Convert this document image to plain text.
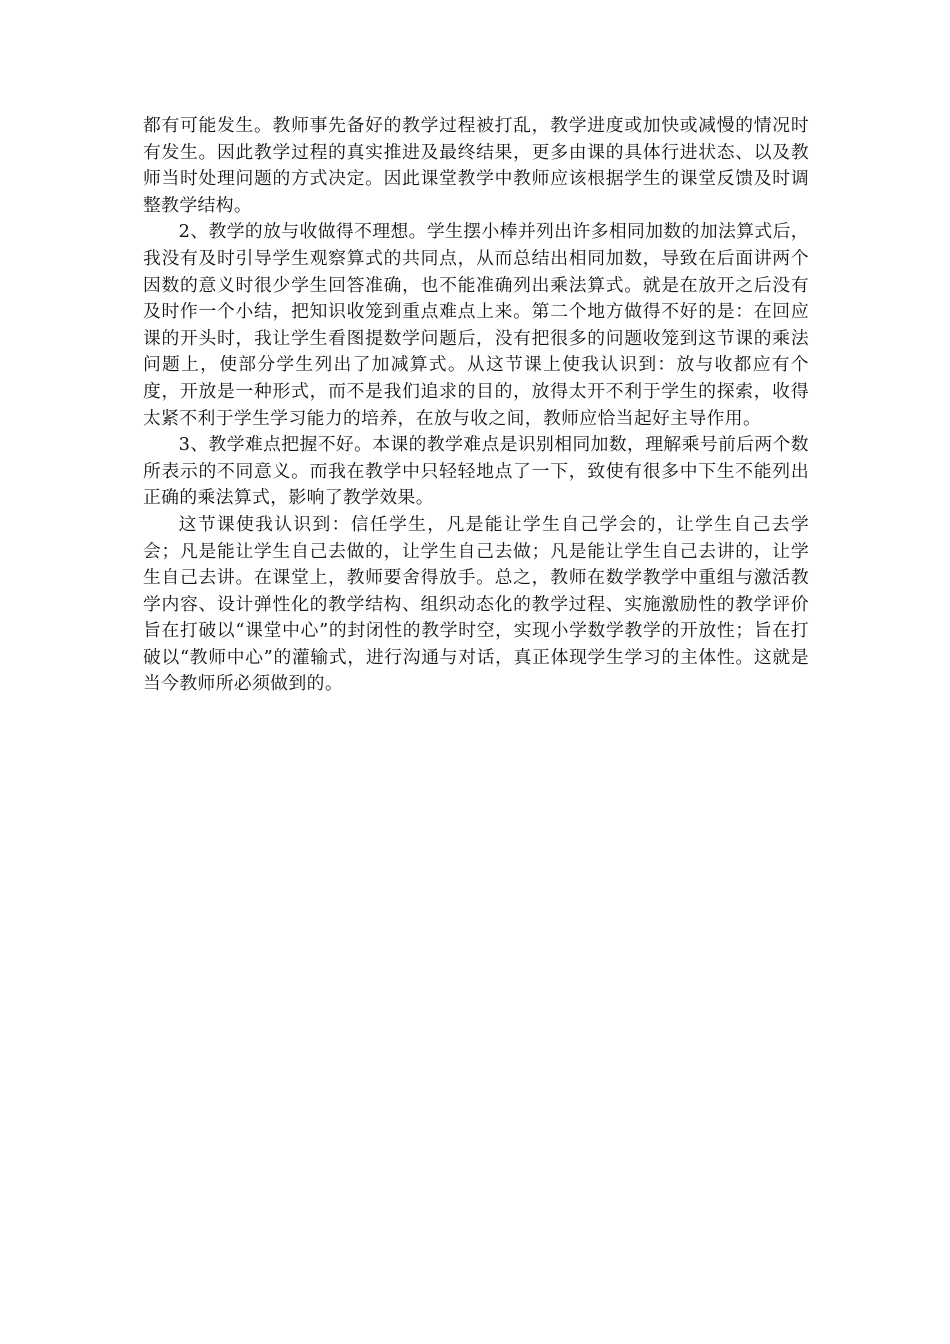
都有可能发生。教师事先备好的教学过程被打乱，教学进度或加快或减慢的情况时有发生。因此教学过程的真实推进及最终结果，更多由课的具体行进状态、以及教师当时处理问题的方式决定。因此课堂教学中教师应该根据学生的课堂反馈及时调整教学结构。

2、教学的放与收做得不理想。学生摆小棒并列出许多相同加数的加法算式后，我没有及时引导学生观察算式的共同点，从而总结出相同加数，导致在后面讲两个因数的意义时很少学生回答准确，也不能准确列出乘法算式。就是在放开之后没有及时作一个小结，把知识收笼到重点难点上来。第二个地方做得不好的是：在回应课的开头时，我让学生看图提数学问题后，没有把很多的问题收笼到这节课的乘法问题上，使部分学生列出了加减算式。从这节课上使我认识到：放与收都应有个度，开放是一种形式，而不是我们追求的目的，放得太开不利于学生的探索，收得太紧不利于学生学习能力的培养，在放与收之间，教师应恰当起好主导作用。

3、教学难点把握不好。本课的教学难点是识别相同加数，理解乘号前后两个数所表示的不同意义。而我在教学中只轻轻地点了一下，致使有很多中下生不能列出正确的乘法算式，影响了教学效果。

这节课使我认识到：信任学生，凡是能让学生自己学会的，让学生自己去学会；凡是能让学生自己去做的，让学生自己去做；凡是能让学生自己去讲的，让学生自己去讲。在课堂上，教师要舍得放手。总之，教师在数学教学中重组与激活教学内容、设计弹性化的教学结构、组织动态化的教学过程、实施激励性的教学评价旨在打破以“课堂中心”的封闭性的教学时空，实现小学数学教学的开放性；旨在打破以“教师中心”的灌输式，进行沟通与对话，真正体现学生学习的主体性。这就是当今教师所必须做到的。
